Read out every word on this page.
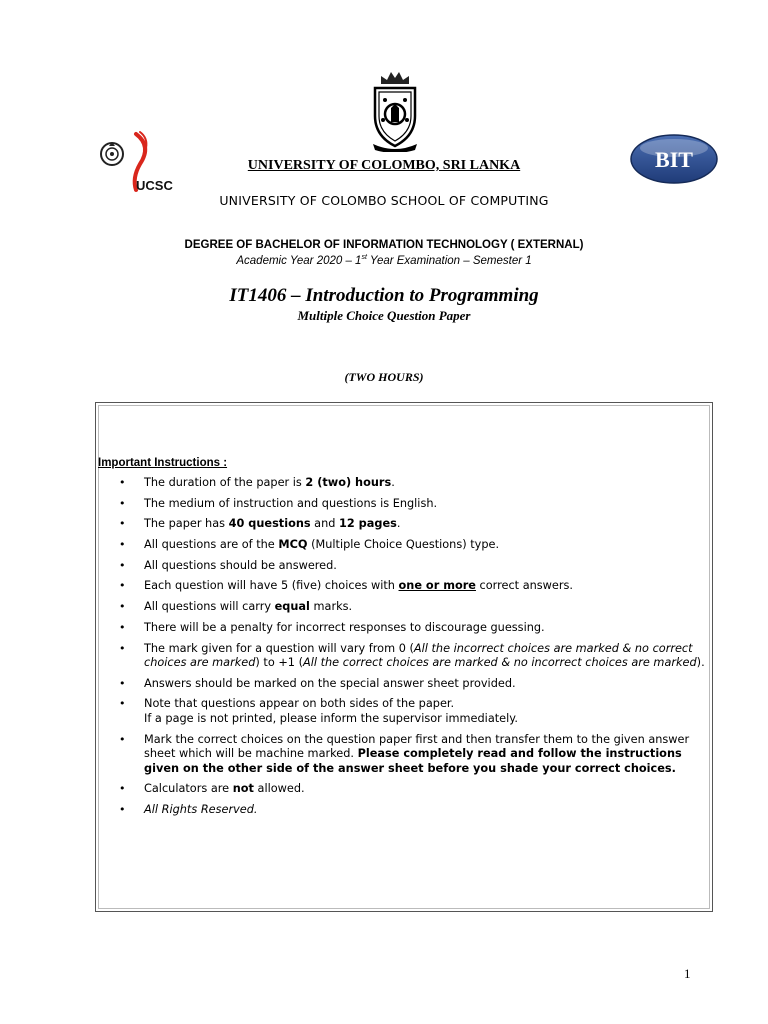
UCSC
BIT
UNIVERSITY OF COLOMBO, SRI LANKA
UNIVERSITY OF COLOMBO SCHOOL OF COMPUTING
DEGREE OF BACHELOR OF INFORMATION TECHNOLOGY ( EXTERNAL)
Academic Year 2020 – 1st Year Examination – Semester 1
IT1406 – Introduction to Programming
Multiple Choice Question Paper
(TWO HOURS)
Important Instructions :
• The duration of the paper is 2 (two) hours.
• The medium of instruction and questions is English.
• The paper has 40 questions and 12 pages.
• All questions are of the MCQ (Multiple Choice Questions) type.
• All questions should be answered.
• Each question will have 5 (five) choices with one or more correct answers.
• All questions will carry equal marks.
• There will be a penalty for incorrect responses to discourage guessing.
• The mark given for a question will vary from 0 (All the incorrect choices are marked & no correct choices are marked) to +1 (All the correct choices are marked & no incorrect choices are marked).
• Answers should be marked on the special answer sheet provided.
• Note that questions appear on both sides of the paper.
If a page is not printed, please inform the supervisor immediately.
• Mark the correct choices on the question paper first and then transfer them to the given answer sheet which will be machine marked. Please completely read and follow the instructions given on the other side of the answer sheet before you shade your correct choices.
• Calculators are not allowed.
• All Rights Reserved.
1
